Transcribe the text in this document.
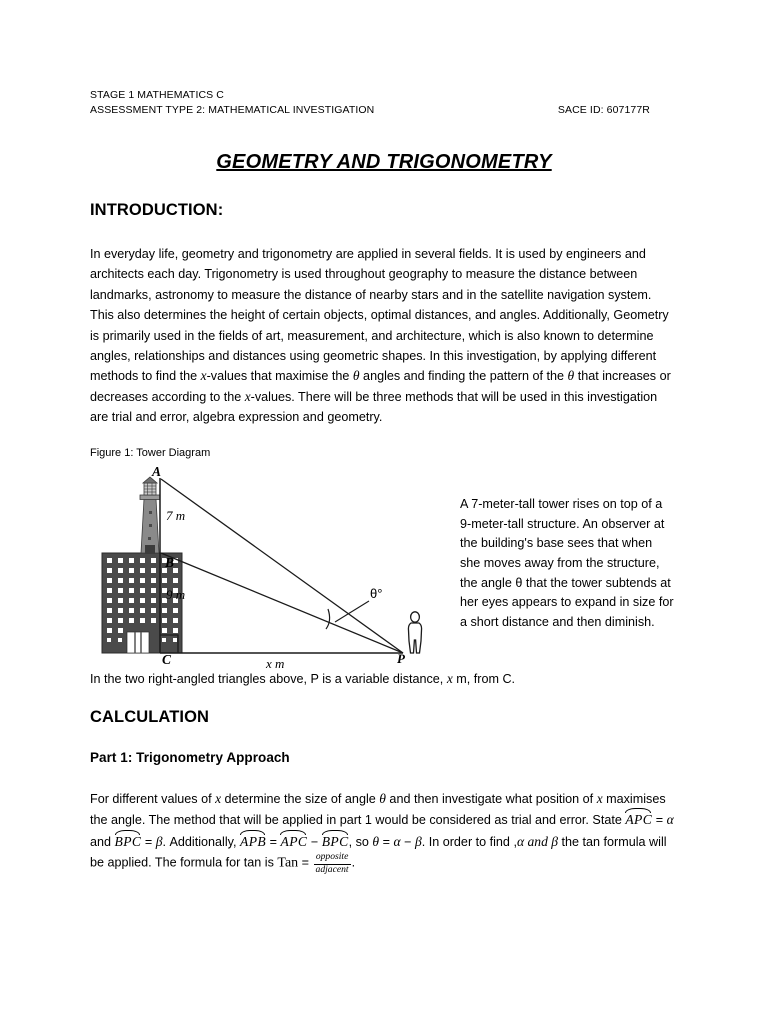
STAGE 1 MATHEMATICS C
ASSESSMENT TYPE 2: MATHEMATICAL INVESTIGATION	SACE ID: 607177R
GEOMETRY AND TRIGONOMETRY
INTRODUCTION:

In everyday life, geometry and trigonometry are applied in several fields. It is used by engineers and architects each day. Trigonometry is used throughout geography to measure the distance between landmarks, astronomy to measure the distance of nearby stars and in the satellite navigation system. This also determines the height of certain objects, optimal distances, and angles. Additionally, Geometry is primarily used in the fields of art, measurement, and architecture, which is also known to determine angles, relationships and distances using geometric shapes. In this investigation, by applying different methods to find the x-values that maximise the θ angles and finding the pattern of the θ that increases or decreases according to the x-values. There will be three methods that will be used in this investigation are trial and error, algebra expression and geometry.

Figure 1: Tower Diagram

A
B
C	P
7 m
9 m
x m
θ°

A 7-meter-tall tower rises on top of a 9-meter-tall structure. An observer at the building's base sees that when she moves away from the structure, the angle θ that the tower subtends at her eyes appears to expand in size for a short distance and then diminish.

In the two right-angled triangles above, P is a variable distance, x m, from C.

CALCULATION
Part 1: Trigonometry Approach

For different values of x determine the size of angle θ and then investigate what position of x maximises the angle. The method that will be applied in part 1 would be considered as trial and error. State APC = α and BPC = β. Additionally, APB = APC − BPC, so θ = α − β. In order to find ,α and β the tan formula will be applied. The formula for tan is Tan = $\frac{\text{opposite}}{\text{adjacent}}$ .
